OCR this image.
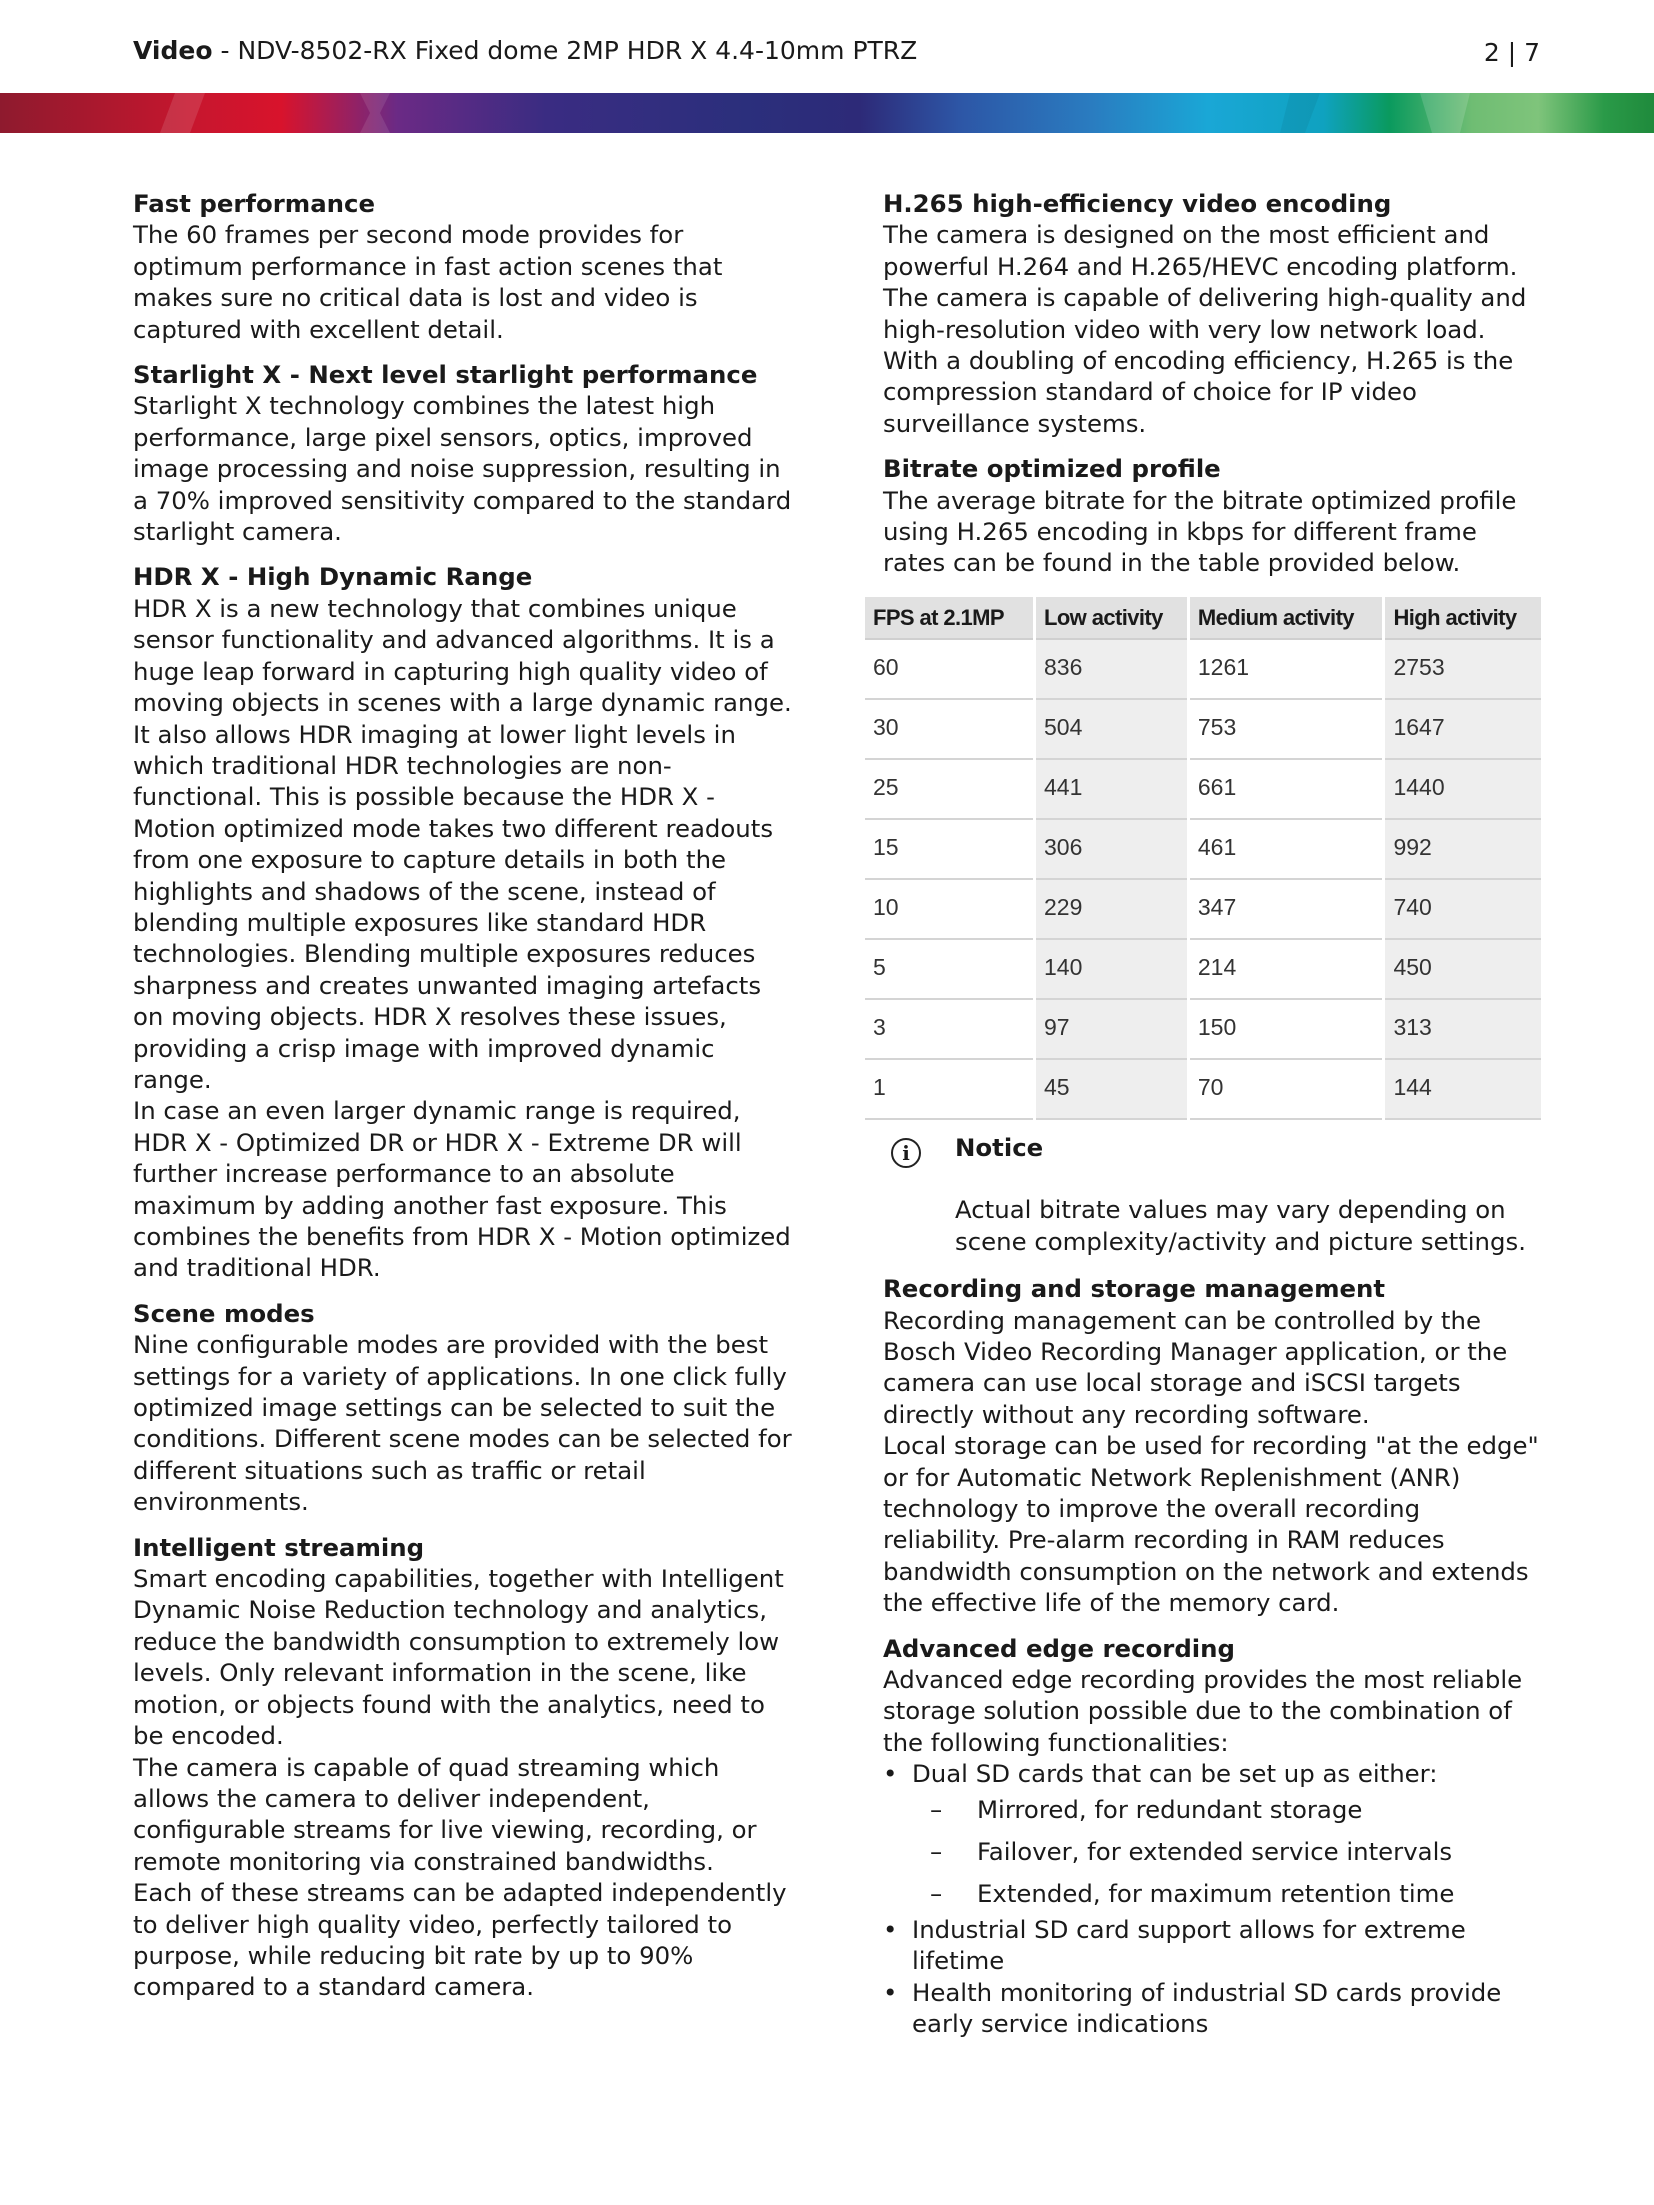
Video - NDV-8502-RX Fixed dome 2MP HDR X 4.4-10mm PTRZ	2 | 7
Fast performance

The 60 frames per second mode provides for optimum performance in fast action scenes that makes sure no critical data is lost and video is captured with excellent detail.

Starlight X - Next level starlight performance

Starlight X technology combines the latest high performance, large pixel sensors, optics, improved image processing and noise suppression, resulting in a 70% improved sensitivity compared to the standard starlight camera.

HDR X - High Dynamic Range

HDR X is a new technology that combines unique sensor functionality and advanced algorithms. It is a huge leap forward in capturing high quality video of moving objects in scenes with a large dynamic range. It also allows HDR imaging at lower light levels in which traditional HDR technologies are non-functional. This is possible because the HDR X - Motion optimized mode takes two different readouts from one exposure to capture details in both the highlights and shadows of the scene, instead of blending multiple exposures like standard HDR technologies. Blending multiple exposures reduces sharpness and creates unwanted imaging artefacts on moving objects. HDR X resolves these issues, providing a crisp image with improved dynamic range.

In case an even larger dynamic range is required, HDR X - Optimized DR or HDR X - Extreme DR will further increase performance to an absolute maximum by adding another fast exposure. This combines the benefits from HDR X - Motion optimized and traditional HDR.

Scene modes

Nine configurable modes are provided with the best settings for a variety of applications. In one click fully optimized image settings can be selected to suit the conditions. Different scene modes can be selected for different situations such as traffic or retail environments.

Intelligent streaming

Smart encoding capabilities, together with Intelligent Dynamic Noise Reduction technology and analytics, reduce the bandwidth consumption to extremely low levels. Only relevant information in the scene, like motion, or objects found with the analytics, need to be encoded.

The camera is capable of quad streaming which allows the camera to deliver independent, configurable streams for live viewing, recording, or remote monitoring via constrained bandwidths.

Each of these streams can be adapted independently to deliver high quality video, perfectly tailored to purpose, while reducing bit rate by up to 90% compared to a standard camera.

H.265 high-efficiency video encoding

The camera is designed on the most efficient and powerful H.264 and H.265/HEVC encoding platform. The camera is capable of delivering high-quality and high-resolution video with very low network load. With a doubling of encoding efficiency, H.265 is the compression standard of choice for IP video surveillance systems.

Bitrate optimized profile

The average bitrate for the bitrate optimized profile using H.265 encoding in kbps for different frame rates can be found in the table provided below.

FPS at 2.1MP	Low activity	Medium activity	High activity
60	836	1261	2753
30	504	753	1647
25	441	661	1440
15	306	461	992
10	229	347	740
5	140	214	450
3	97	150	313
1	45	70	144
i	Notice

Actual bitrate values may vary depending on scene complexity/activity and picture settings.

Recording and storage management

Recording management can be controlled by the Bosch Video Recording Manager application, or the camera can use local storage and iSCSI targets directly without any recording software.

Local storage can be used for recording "at the edge" or for Automatic Network Replenishment (ANR) technology to improve the overall recording reliability. Pre-alarm recording in RAM reduces bandwidth consumption on the network and extends the effective life of the memory card.

Advanced edge recording

Advanced edge recording provides the most reliable storage solution possible due to the combination of the following functionalities:

• Dual SD cards that can be set up as either:
– Mirrored, for redundant storage
– Failover, for extended service intervals
– Extended, for maximum retention time
• Industrial SD card support allows for extreme lifetime
• Health monitoring of industrial SD cards provide early service indications
